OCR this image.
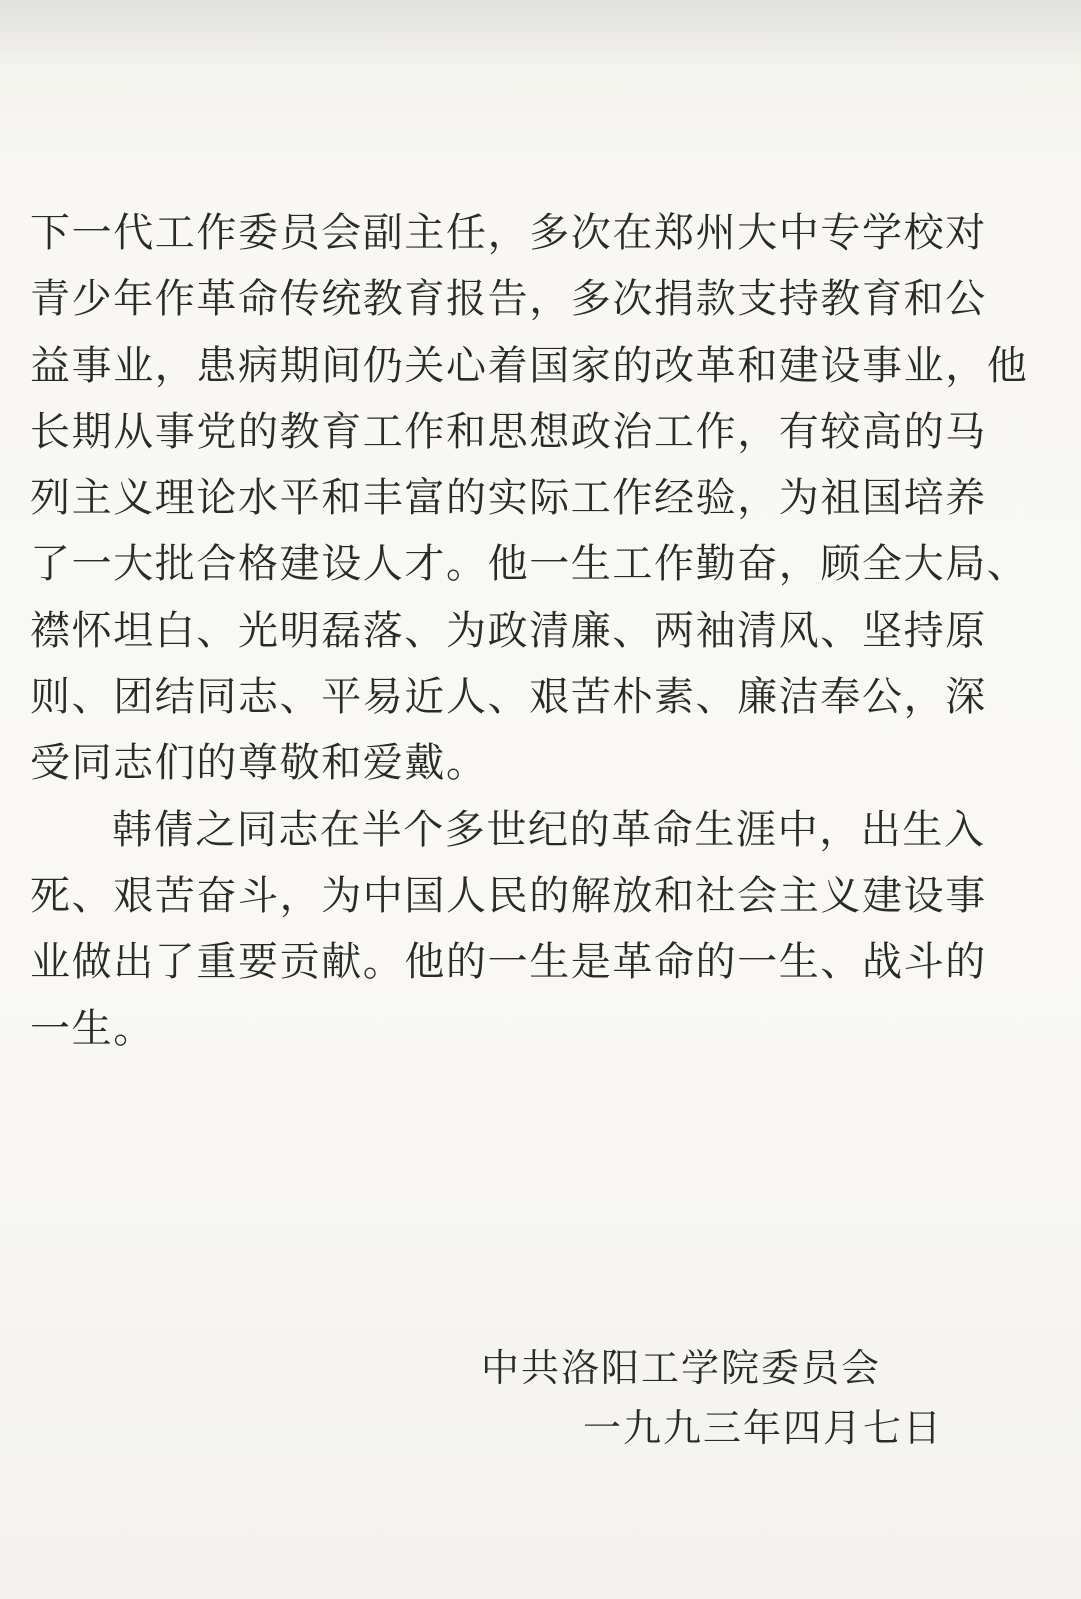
下一代工作委员会副主任，多次在郑州大中专学校对
青少年作革命传统教育报告，多次捐款支持教育和公
益事业，患病期间仍关心着国家的改革和建设事业，他
长期从事党的教育工作和思想政治工作，有较高的马
列主义理论水平和丰富的实际工作经验，为祖国培养
了一大批合格建设人才。他一生工作勤奋，顾全大局、
襟怀坦白、光明磊落、为政清廉、两袖清风、坚持原
则、团结同志、平易近人、艰苦朴素、廉洁奉公，深
受同志们的尊敬和爱戴。
韩倩之同志在半个多世纪的革命生涯中，出生入
死、艰苦奋斗，为中国人民的解放和社会主义建设事
业做出了重要贡献。他的一生是革命的一生、战斗的
一生。
中共洛阳工学院委员会
一九九三年四月七日
